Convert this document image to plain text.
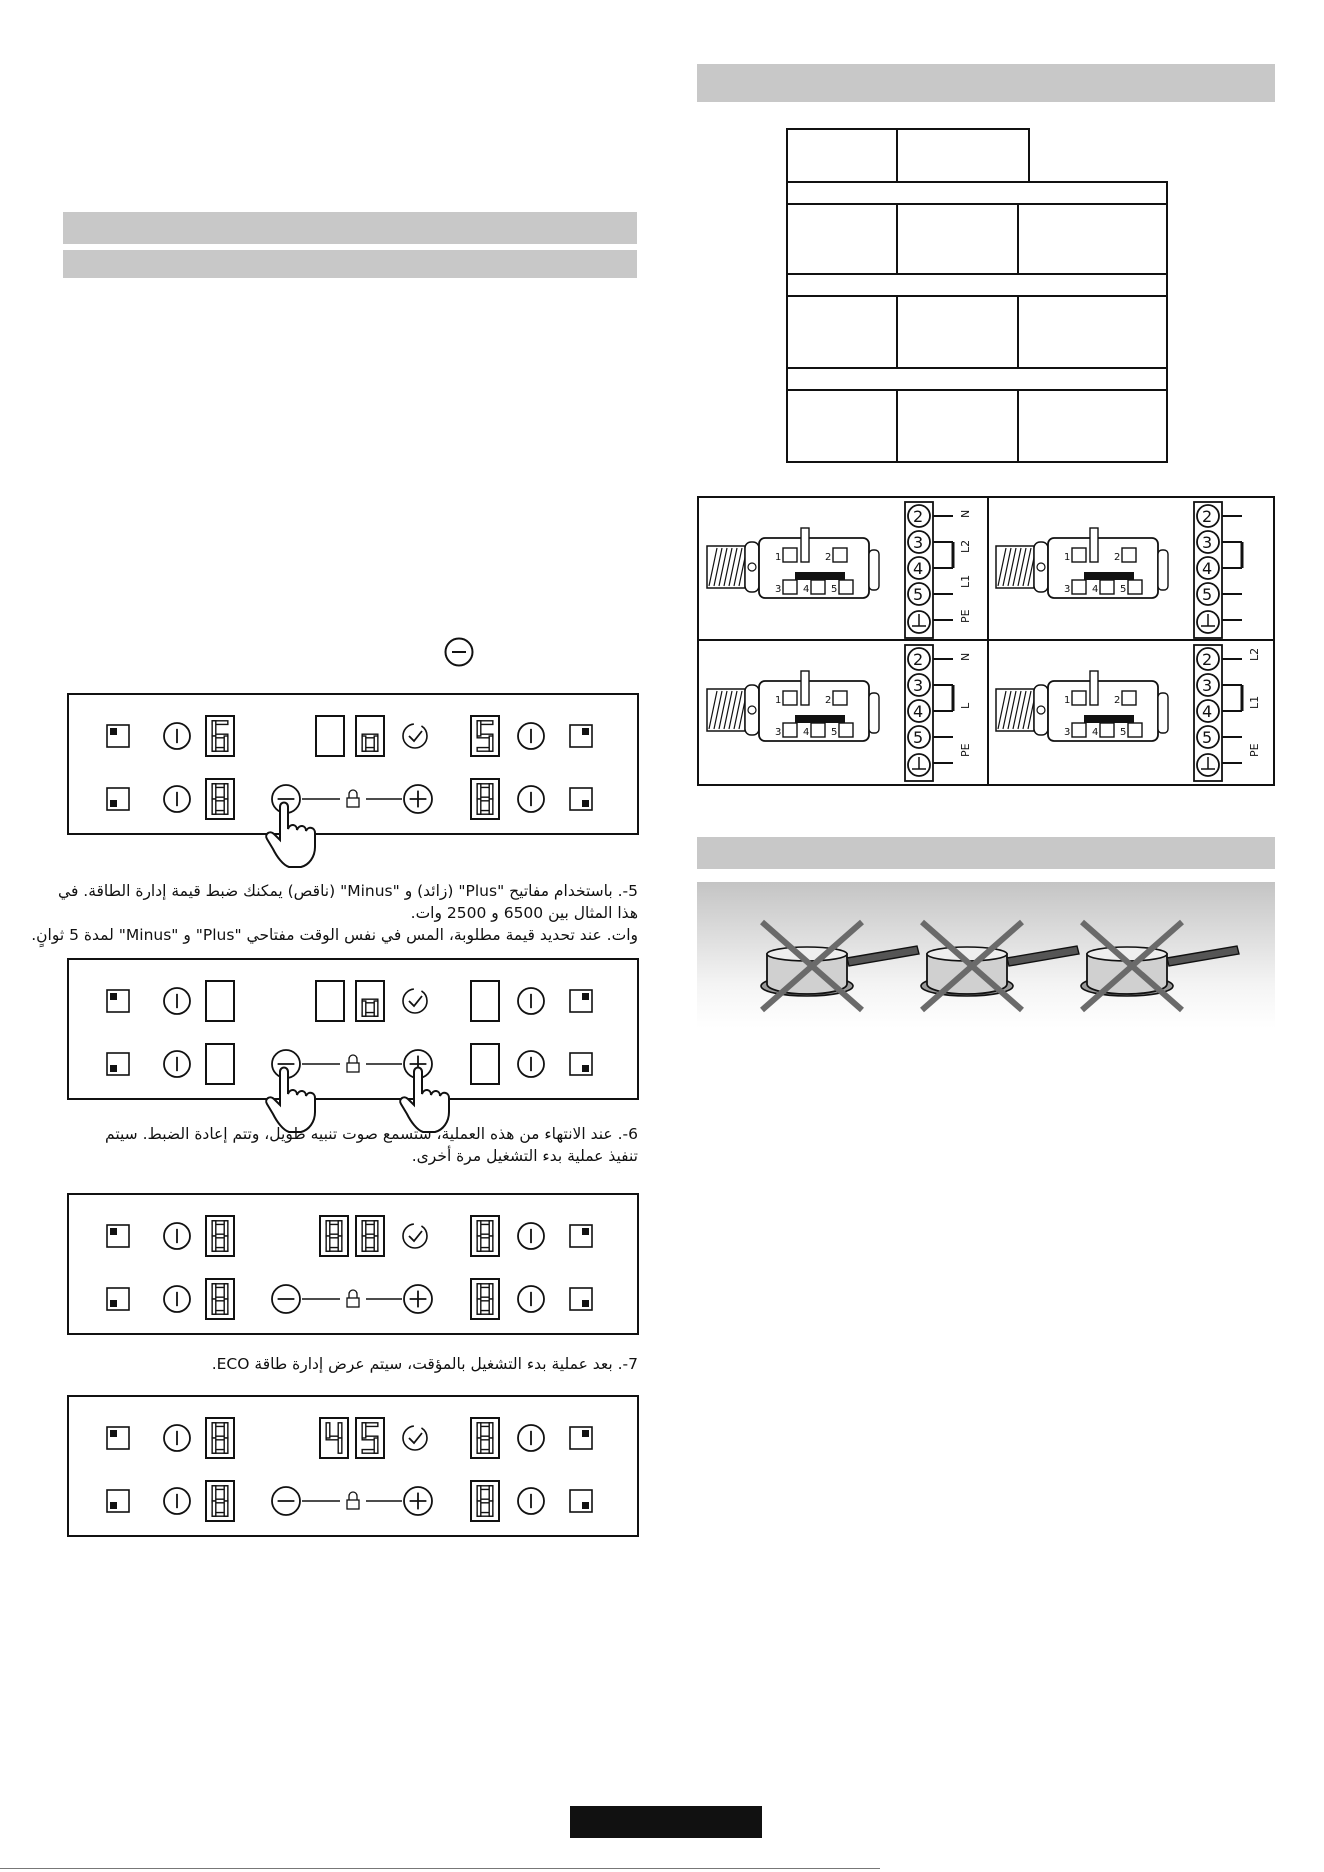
5-. باستخدام مفاتيح "Plus" (زائد) و "Minus" (ناقص) يمكنك ضبط قيمة إدارة الطاقة. في
هذا المثال بين 6500 و 2500 وات.
وات. عند تحديد قيمة مطلوبة، المس في نفس الوقت مفتاحي "Plus" و "Minus" لمدة 5 ثوانٍ.
6-. عند الانتهاء من هذه العملية، ستسمع صوت تنبيه طويل، وتتم إعادة الضبط. سيتم
تنفيذ عملية بدء التشغيل مرة أخرى.
7-. بعد عملية بدء التشغيل بالمؤقت، سيتم عرض إدارة طاقة ECO.
1	2
3 4 5
2
3
4
5
N
L2
L1
PE
1	2
3 4 5
2
3
4
5
1	2
3 4 5
2
3
4
5
N
L
PE
1	2
3 4 5
2
3
4
5
L2
L1
PE
